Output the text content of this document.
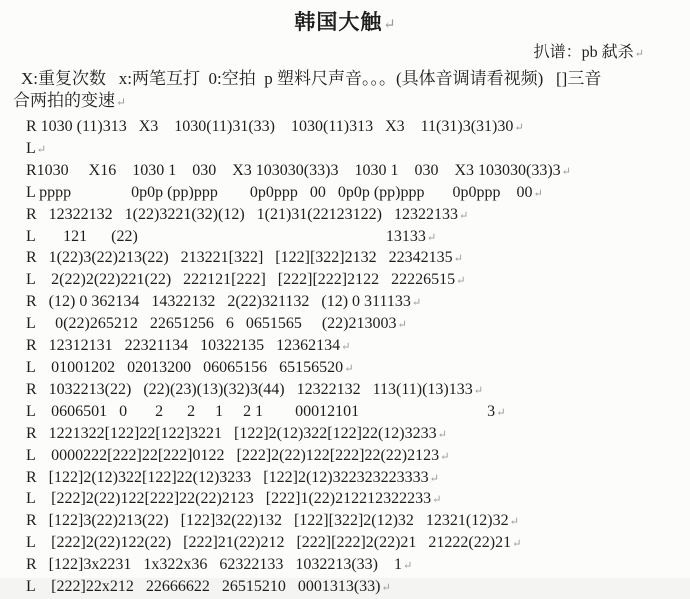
韩国大触↵
扒谱：pb 弑杀↵
X:重复次数   x:两笔互打  0:空拍  p 塑料尺声音。。。(具体音调请看视频)   []三音
合两拍的变速↵
R 1030 (11)313   X3    1030(11)31(33)    1030(11)313   X3    11(31)3(31)30↵
L↵
R1030     X16    1030 1    030    X3 103030(33)3    1030 1    030    X3 103030(33)3↵
L pppp               0p0p (pp)ppp        0p0ppp   00   0p0p (pp)ppp       0p0ppp    00↵
R   12322132   1(22)3221(32)(12)   1(21)31(22123122)   12322133↵
L       121      (22)                                                              13133↵
R   1(22)3(22)213(22)   213221[322]   [122][322]2132   22342135↵
L    2(22)2(22)221(22)   222121[222]   [222][222]2122   22226515↵
R   (12) 0 362134   14322132   2(22)321132   (12) 0 311133↵
L     0(22)265212   22651256   6   0651565     (22)213003↵
R   12312131   22321134   10322135   12362134↵
L    01001202   02013200   06065156   65156520↵
R   1032213(22)   (22)(23)(13)(32)3(44)   12322132   113(11)(13)133↵
L    0606501   0       2      2     1     2 1        00012101                                3↵
R   1221322[122]22[122]3221   [122]2(12)322[122]22(12)3233↵
L    0000222[222]22[222]0122   [222]2(22)122[222]22(22)2123↵
R   [122]2(12)322[122]22(12)3233   [122]2(12)322323223333↵
L    [222]2(22)122[222]22(22)2123   [222]1(22)212212322233↵
R   [122]3(22)213(22)   [122]32(22)132   [122][322]2(12)32   12321(12)32↵
L    [222]2(22)122(22)   [222]21(22)212   [222][222]2(22)21   21222(22)21↵
R   [122]3x2231   1x322x36   62322133   1032213(33)    1↵
L    [222]22x212   22666622   26515210   0001313(33)↵
